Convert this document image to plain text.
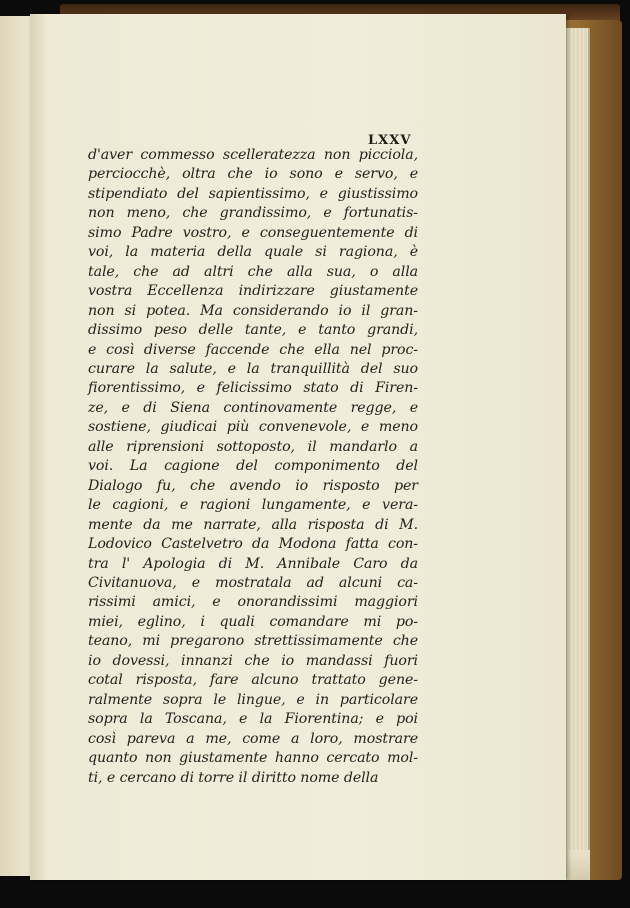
LXXV
d'aver commesso scelleratezza non picciola,
perciocchè, oltra che io sono e servo, e
stipendiato del sapientissimo, e giustissimo
non meno, che grandissimo, e fortunatis-
simo Padre vostro, e conseguentemente di
voi, la materia della quale si ragiona, è
tale, che ad altri che alla sua, o alla
vostra Eccellenza indirizzare giustamente
non si potea. Ma considerando io il gran-
dissimo peso delle tante, e tanto grandi,
e così diverse faccende che ella nel proc-
curare la salute, e la tranquillità del suo
fiorentissimo, e felicissimo stato di Firen-
ze, e di Siena continovamente regge, e
sostiene, giudicai più convenevole, e meno
alle riprensioni sottoposto, il mandarlo a
voi. La cagione del componimento del
Dialogo fu, che avendo io risposto per
le cagioni, e ragioni lungamente, e vera-
mente da me narrate, alla risposta di M.
Lodovico Castelvetro da Modona fatta con-
tra l' Apologia di M. Annibale Caro da
Civitanuova, e mostratala ad alcuni ca-
rissimi amici, e onorandissimi maggiori
miei, eglino, i quali comandare mi po-
teano, mi pregarono strettissimamente che
io dovessi, innanzi che io mandassi fuori
cotal risposta, fare alcuno trattato gene-
ralmente sopra le lingue, e in particolare
sopra la Toscana, e la Fiorentina; e poi
così pareva a me, come a loro, mostrare
quanto non giustamente hanno cercato mol-
ti, e cercano di torre il diritto nome della
